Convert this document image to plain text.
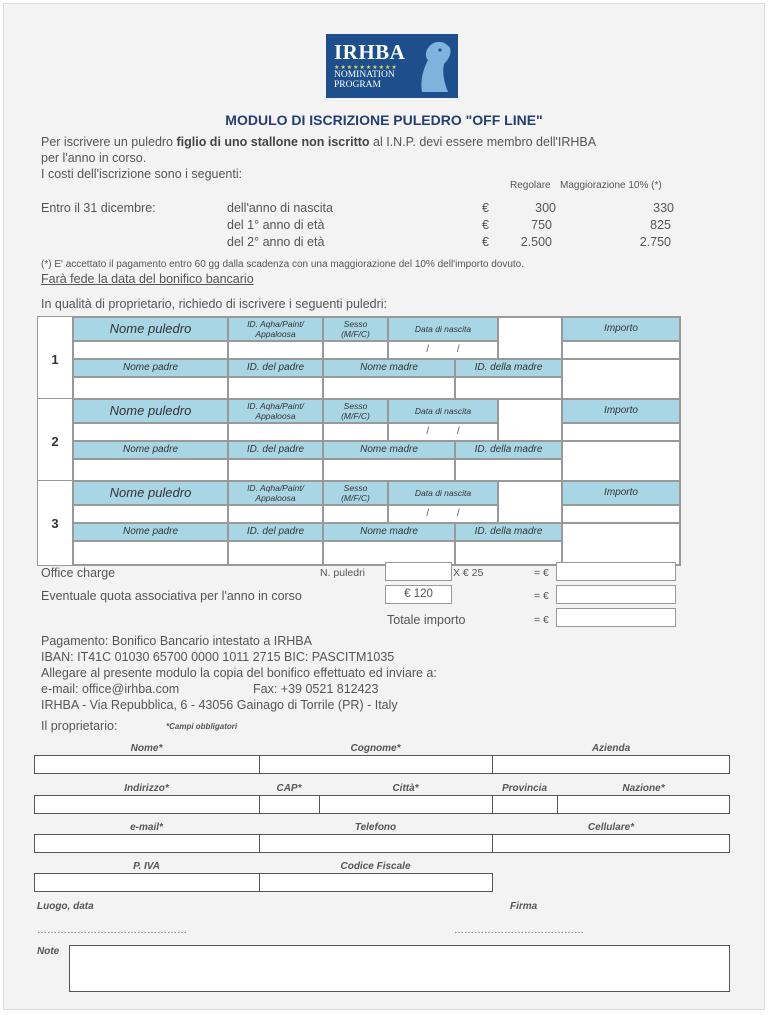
IRHBA
★★★★★★★★★★
NOMINATION
PROGRAM
MODULO DI ISCRIZIONE PULEDRO "OFF LINE"
Per iscrivere un puledro figlio di uno stallone non iscritto al I.N.P. devi essere membro dell'IRHBA
per l'anno in corso.
I costi dell'iscrizione sono i seguenti:
Regolare Maggiorazione 10% (*)
Entro il 31 dicembre:	dell'anno di nascita	€	300	330
del 1° anno di età	€	750	825
del 2° anno di età	€	2.500	2.750
(*) E' accettato il pagamento entro 60 gg dalla scadenza con una maggiorazione del 10% dell'importo dovuto.
Farà fede la data del bonifico bancario
In qualità di proprietario, richiedo di iscrivere i seguenti puledri:
1
Nome puledro	ID. Aqha/Paint/
Appaloosa
Sesso
(M/F/C)	Data di nascita	Importo
/          /
Nome padre	ID. del padre	Nome madre	ID. della madre
2
Nome puledro	ID. Aqha/Paint/
Appaloosa
Sesso
(M/F/C)	Data di nascita	Importo
/          /
Nome padre	ID. del padre	Nome madre	ID. della madre
3
Nome puledro	ID. Aqha/Paint/
Appaloosa
Sesso
(M/F/C)	Data di nascita	Importo
/          /
Nome padre	ID. del padre	Nome madre	ID. della madre
Office charge	N. puledri	X € 25	= €
Eventuale quota associativa per l'anno in corso	€ 120	= €
Totale importo	= €
Pagamento: Bonifico Bancario intestato a IRHBA
IBAN: IT41C 01030 65700 0000 1011 2715 BIC: PASCITM1035
Allegare al presente modulo la copia del bonifico effettuato ed inviare a:
e-mail: office@irhba.com	Fax: +39 0521 812423
IRHBA - Via Repubblica, 6 - 43056 Gainago di Torrile (PR) - Italy
Il proprietario:	*Campi obbligatori
Nome*	Cognome*	Azienda
Indirizzo*	CAP*	Città*	Provincia	Nazione*
e-mail*	Telefono	Cellulare*
P. IVA	Codice Fiscale
Luogo, data	Firma
………………………………………	…………………………………
Note
